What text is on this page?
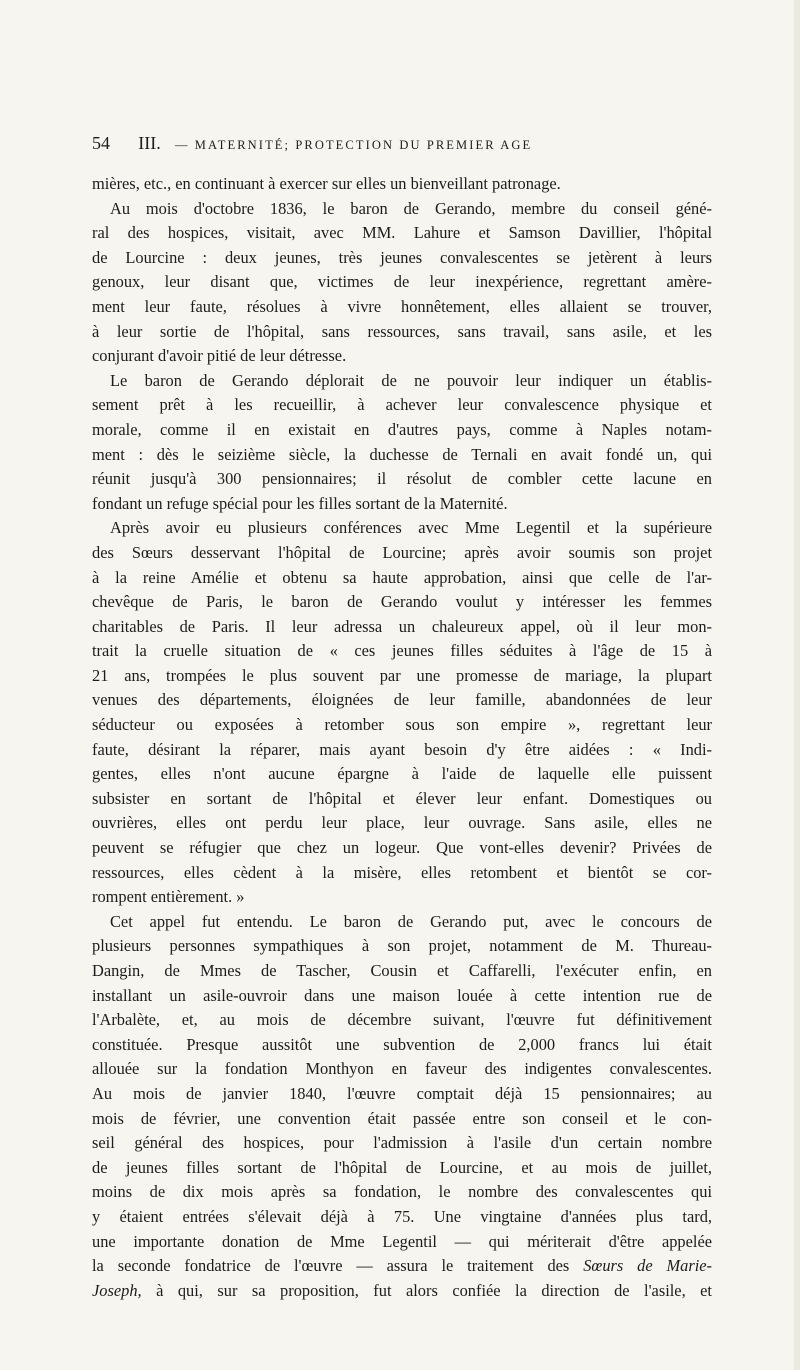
54 III. — MATERNITÉ; PROTECTION DU PREMIER AGE
mières, etc., en continuant à exercer sur elles un bienveillant patronage.
Au mois d'octobre 1836, le baron de Gerando, membre du conseil géné-
ral des hospices, visitait, avec MM. Lahure et Samson Davillier, l'hôpital
de Lourcine : deux jeunes, très jeunes convalescentes se jetèrent à leurs
genoux, leur disant que, victimes de leur inexpérience, regrettant amère-
ment leur faute, résolues à vivre honnêtement, elles allaient se trouver,
à leur sortie de l'hôpital, sans ressources, sans travail, sans asile, et les
conjurant d'avoir pitié de leur détresse.
Le baron de Gerando déplorait de ne pouvoir leur indiquer un établis-
sement prêt à les recueillir, à achever leur convalescence physique et
morale, comme il en existait en d'autres pays, comme à Naples notam-
ment : dès le seizième siècle, la duchesse de Ternali en avait fondé un, qui
réunit jusqu'à 300 pensionnaires; il résolut de combler cette lacune en
fondant un refuge spécial pour les filles sortant de la Maternité.
Après avoir eu plusieurs conférences avec Mme Legentil et la supérieure
des Sœurs desservant l'hôpital de Lourcine; après avoir soumis son projet
à la reine Amélie et obtenu sa haute approbation, ainsi que celle de l'ar-
chevêque de Paris, le baron de Gerando voulut y intéresser les femmes
charitables de Paris. Il leur adressa un chaleureux appel, où il leur mon-
trait la cruelle situation de « ces jeunes filles séduites à l'âge de 15 à
21 ans, trompées le plus souvent par une promesse de mariage, la plupart
venues des départements, éloignées de leur famille, abandonnées de leur
séducteur ou exposées à retomber sous son empire », regrettant leur
faute, désirant la réparer, mais ayant besoin d'y être aidées : « Indi-
gentes, elles n'ont aucune épargne à l'aide de laquelle elle puissent
subsister en sortant de l'hôpital et élever leur enfant. Domestiques ou
ouvrières, elles ont perdu leur place, leur ouvrage. Sans asile, elles ne
peuvent se réfugier que chez un logeur. Que vont-elles devenir? Privées de
ressources, elles cèdent à la misère, elles retombent et bientôt se cor-
rompent entièrement. »
Cet appel fut entendu. Le baron de Gerando put, avec le concours de
plusieurs personnes sympathiques à son projet, notamment de M. Thureau-
Dangin, de Mmes de Tascher, Cousin et Caffarelli, l'exécuter enfin, en
installant un asile-ouvroir dans une maison louée à cette intention rue de
l'Arbalète, et, au mois de décembre suivant, l'œuvre fut définitivement
constituée. Presque aussitôt une subvention de 2,000 francs lui était
allouée sur la fondation Monthyon en faveur des indigentes convalescentes.
Au mois de janvier 1840, l'œuvre comptait déjà 15 pensionnaires; au
mois de février, une convention était passée entre son conseil et le con-
seil général des hospices, pour l'admission à l'asile d'un certain nombre
de jeunes filles sortant de l'hôpital de Lourcine, et au mois de juillet,
moins de dix mois après sa fondation, le nombre des convalescentes qui
y étaient entrées s'élevait déjà à 75. Une vingtaine d'années plus tard,
une importante donation de Mme Legentil — qui mériterait d'être appelée
la seconde fondatrice de l'œuvre — assura le traitement des Sœurs de Marie-
Joseph, à qui, sur sa proposition, fut alors confiée la direction de l'asile, et
